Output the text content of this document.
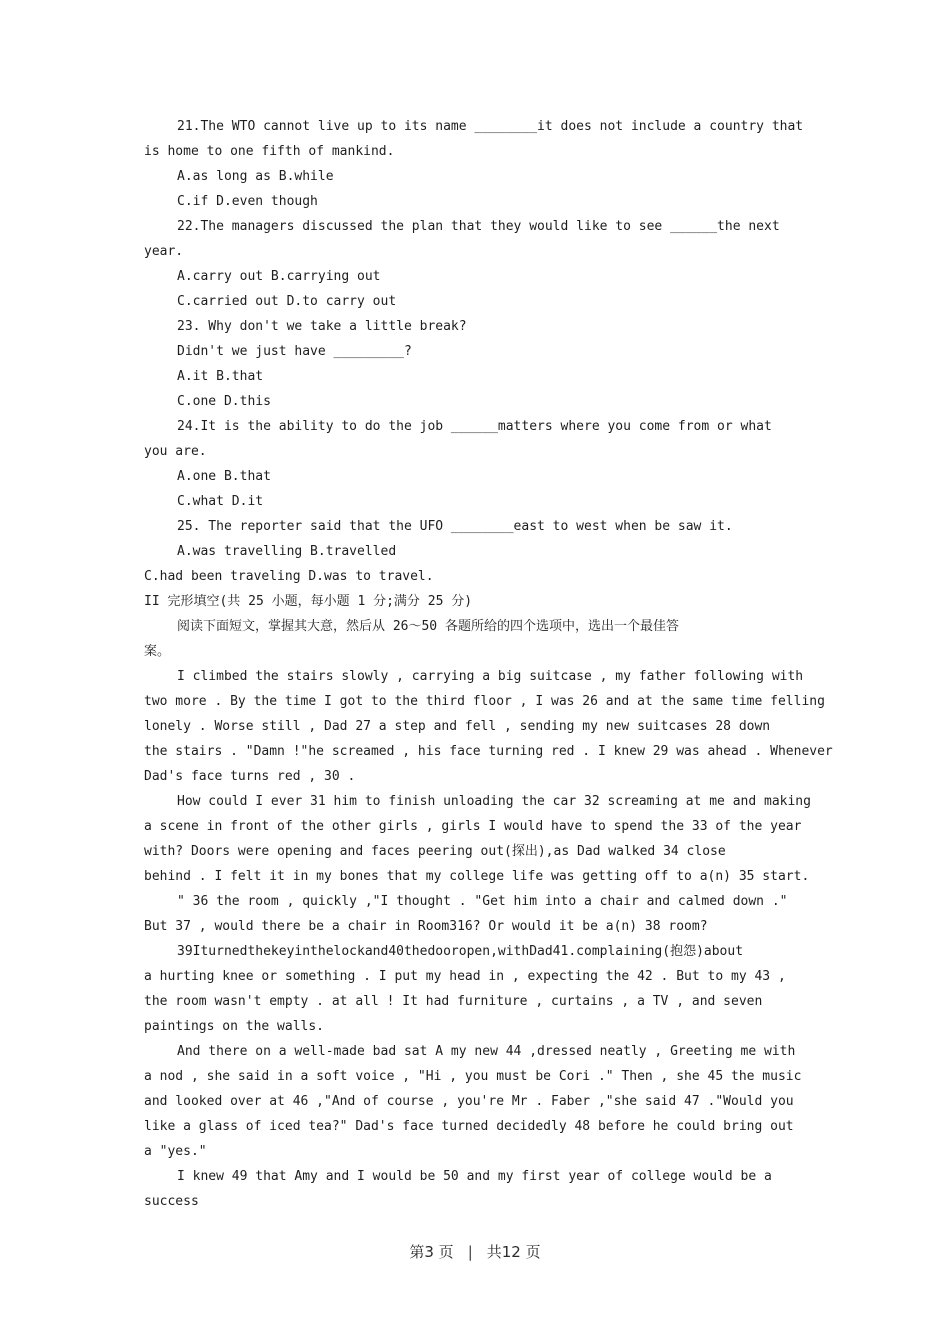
21.The WTO cannot live up to its name ________it does not include a country that
is home to one fifth of mankind.
A.as long as B.while
C.if D.even though
22.The managers discussed the plan that they would like to see ______the next
year.
A.carry out B.carrying out
C.carried out D.to carry out
23. Why don't we take a little break?
Didn't we just have _________?
A.it B.that
C.one D.this
24.It is the ability to do the job ______matters where you come from or what
you are.
A.one B.that
C.what D.it
25. The reporter said that the UFO ________east to west when be saw it.
A.was travelling B.travelled
C.had been traveling D.was to travel.
II 完形填空(共 25 小题，每小题 1 分;满分 25 分)
阅读下面短文，掌握其大意，然后从 26～50 各题所给的四个选项中，选出一个最佳答
案。
I climbed the stairs slowly , carrying a big suitcase , my father following with
two more . By the time I got to the third floor , I was 26 and at the same time felling
lonely . Worse still , Dad 27 a step and fell , sending my new suitcases 28 down
the stairs . "Damn !"he screamed , his face turning red . I knew 29 was ahead . Whenever
Dad's face turns red , 30 .
How could I ever 31 him to finish unloading the car 32 screaming at me and making
a scene in front of the other girls , girls I would have to spend the 33 of the year
with? Doors were opening and faces peering out(探出),as Dad walked 34 close
behind . I felt it in my bones that my college life was getting off to a(n) 35 start.
" 36 the room , quickly ,"I thought . "Get him into a chair and calmed down ."
But 37 , would there be a chair in Room316? Or would it be a(n) 38 room?
39Iturnedthekeyinthelockand40thedooropen,withDad41.complaining(抱怨)about
a hurting knee or something . I put my head in , expecting the 42 . But to my 43 ,
the room wasn't empty . at all ! It had furniture , curtains , a TV , and seven
paintings on the walls.
And there on a well-made bad sat A my new 44 ,dressed neatly , Greeting me with
a nod , she said in a soft voice , "Hi , you must be Cori ." Then , she 45 the music
and looked over at 46 ,"And of course , you're Mr . Faber ,"she said 47 ."Would you
like a glass of iced tea?" Dad's face turned decidedly 48 before he could bring out
a "yes."
I knew 49 that Amy and I would be 50 and my first year of college would be a
success
第3 页 | 共12 页
